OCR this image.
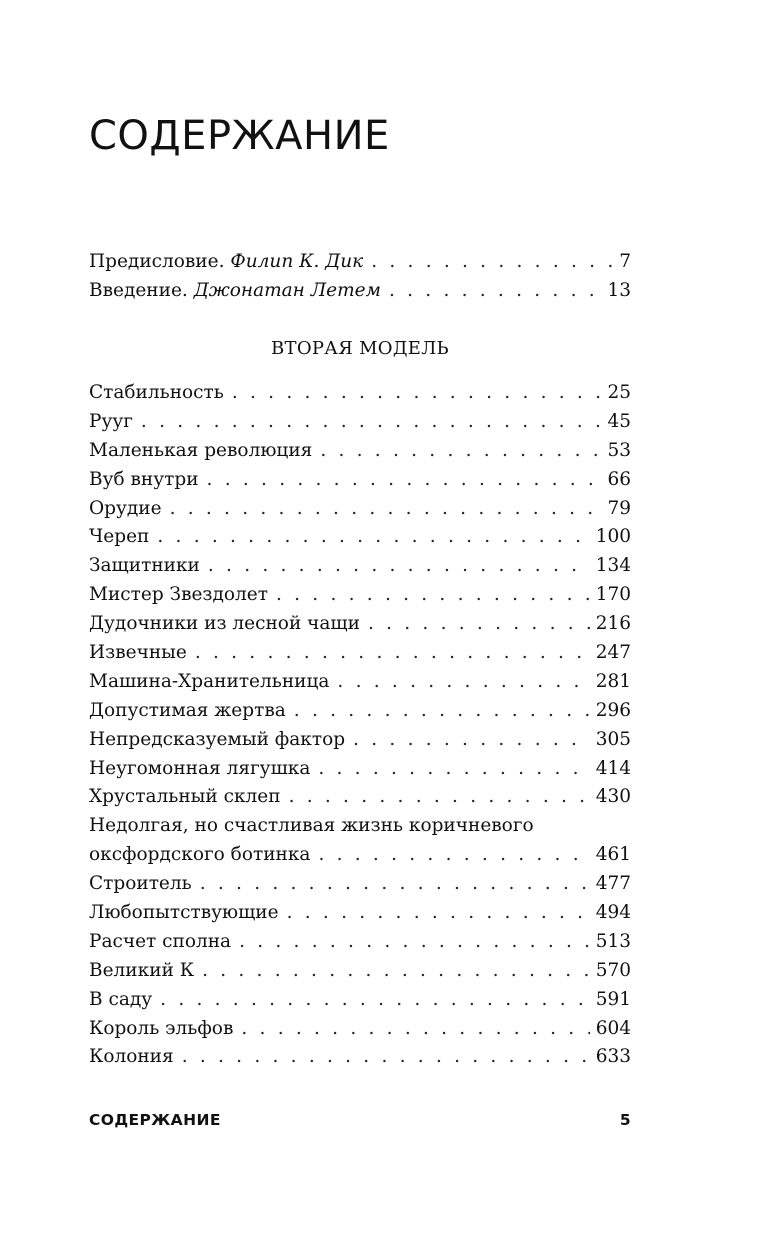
СОДЕРЖАНИЕ
Предисловие. Филип К. Дик . . .	7
Введение. Джонатан Летем . . .	13
ВТОРАЯ МОДЕЛЬ
Стабильность . . .	25
Рууг . . .	45
Маленькая революция . . .	53
Вуб внутри . . .	66
Орудие . . .	79
Череп . . .	100
Защитники . . .	134
Мистер Звездолет . . .	170
Дудочники из лесной чащи . . .	216
Извечные . . .	247
Машина-Хранительница . . .	281
Допустимая жертва . . .	296
Непредсказуемый фактор . . .	305
Неугомонная лягушка . . .	414
Хрустальный склеп . . .	430
Недолгая, но счастливая жизнь коричневого
оксфордского ботинка . . .	461
Строитель . . .	477
Любопытствующие . . .	494
Расчет сполна . . .	513
Великий К . . .	570
В саду . . .	591
Король эльфов . . .	604
Колония . . .	633
СОДЕРЖАНИЕ	5
